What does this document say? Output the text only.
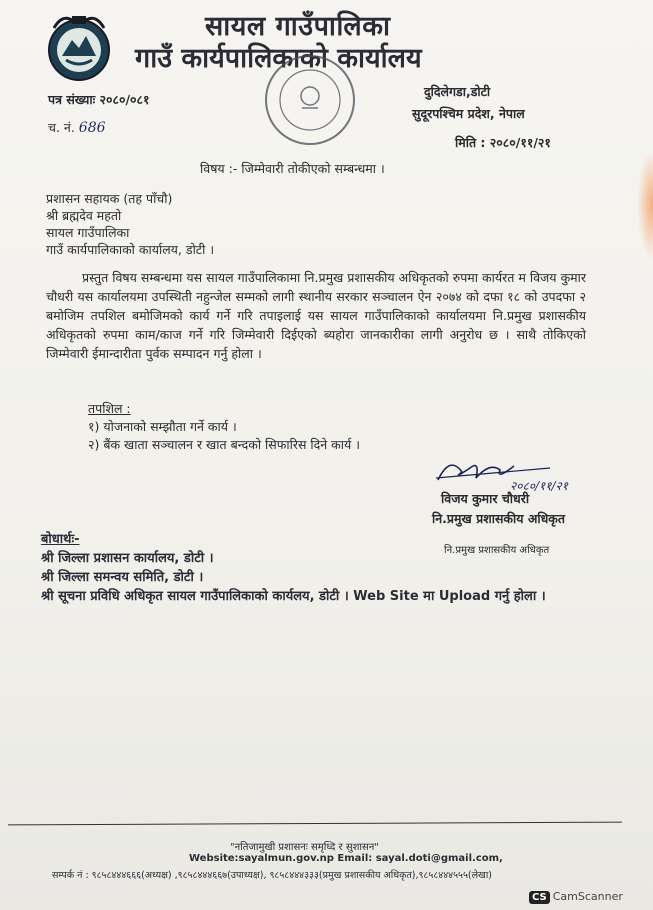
सायल गाउँपालिका
गाउँ कार्यपालिकाको कार्यालय
पत्र संख्याः २०८०/०८१
च. नं. 686
दुदिलेगडा,डोटी
सुदूरपश्चिम प्रदेश, नेपाल
मिति : २०८०/११/२१
विषय :- जिम्मेवारी तोकीएको सम्बन्धमा ।
प्रशासन सहायक (तह पाँचौ)
श्री ब्रह्मदेव महतो
सायल गाउँपालिका
गाउँ कार्यपालिकाको कार्यालय, डोटी ।
प्रस्तुत विषय सम्बन्धमा यस सायल गाउँपालिकामा नि.प्रमुख प्रशासकीय अधिकृतको रुपमा कार्यरत म विजय कुमार चौधरी यस कार्यालयमा उपस्थिती नहुन्जेल सम्मको लागी स्थानीय सरकार सञ्चालन ऐन २०७४ को दफा १८ को उपदफा २ बमोजिम तपशिल बमोजिमको कार्य गर्ने गरि तपाइलाई यस सायल गाउँपालिकाको कार्यालयमा नि.प्रमुख प्रशासकीय अधिकृतको रुपमा काम/काज गर्ने गरि जिम्मेवारी दिईएको ब्यहोरा जानकारीका लागी अनुरोध छ । साथै तोकिएको जिम्मेवारी ईमान्दारीता पुर्वक सम्पादन गर्नु होला ।
तपशिल :
१) योजनाको सम्झौता गर्ने कार्य ।
२) बैंक खाता सञ्चालन र खात बन्दको सिफारिस दिने कार्य ।
२०८०/११/२१
विजय कुमार चौधरी
नि.प्रमुख प्रशासकीय अधिकृत
नि.प्रमुख प्रशासकीय अधिकृत
बोधार्थः-
श्री जिल्ला प्रशासन कार्यालय, डोटी ।
श्री जिल्ला समन्वय समिति, डोटी ।
श्री सूचना प्रविधि अधिकृत सायल गाउँपालिकाको कार्यलय, डोटी । Web Site मा Upload गर्नु होला ।
"नतिजामुखी प्रशासनः समृध्दि र सुशासन"
Website:sayalmun.gov.np Email: sayal.doti@gmail.com,
सम्पर्क नं : ९८५८४४४६६६(अध्यक्ष) ,९८५८४४४६६७(उपाध्यक्ष), ९८५८४४४३३३(प्रमुख प्रशासकीय अधिकृत),९८५८४४४५५५(लेखा)
CS CamScanner
